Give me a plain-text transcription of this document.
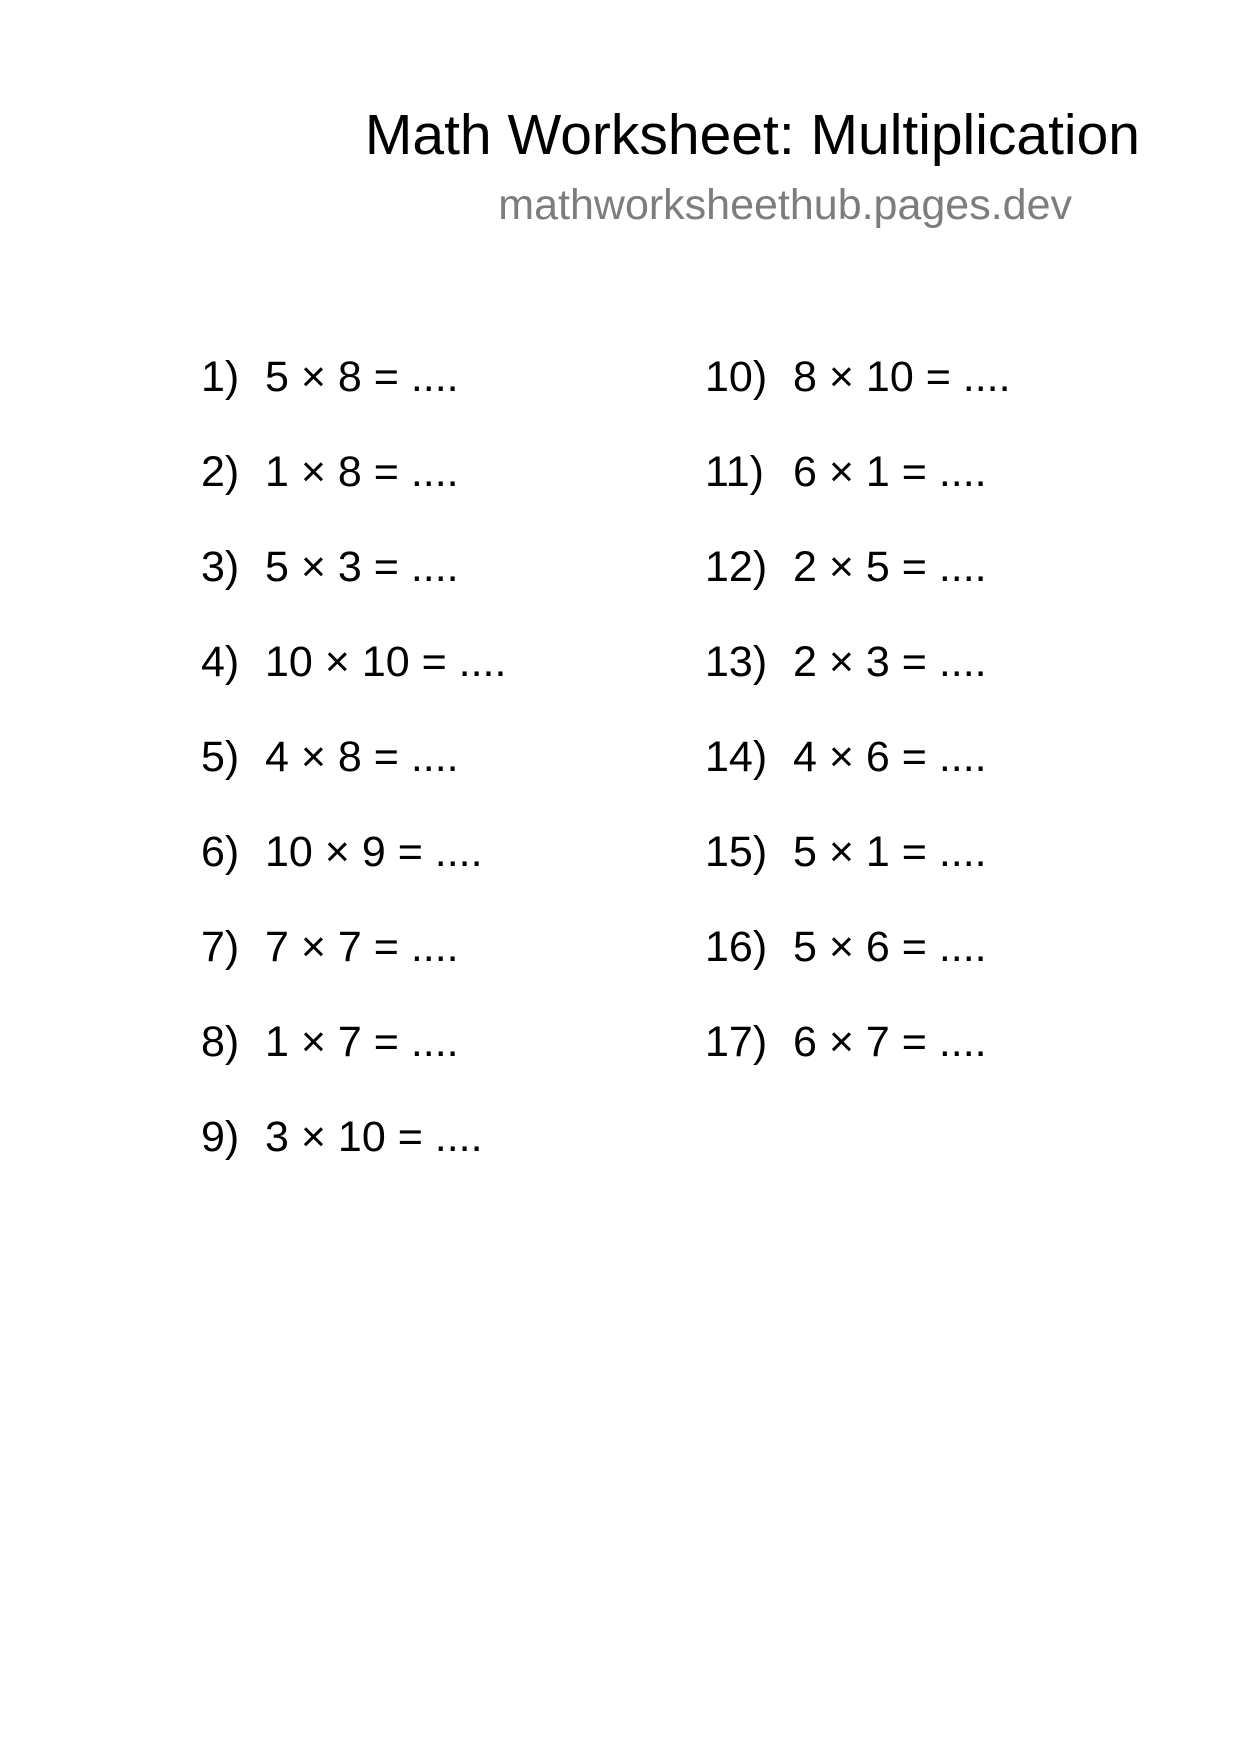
Math Worksheet: Multiplication
mathworksheethub.pages.dev
1) 5 × 8 = ....
2) 1 × 8 = ....
3) 5 × 3 = ....
4) 10 × 10 = ....
5) 4 × 8 = ....
6) 10 × 9 = ....
7) 7 × 7 = ....
8) 1 × 7 = ....
9) 3 × 10 = ....
10) 8 × 10 = ....
11) 6 × 1 = ....
12) 2 × 5 = ....
13) 2 × 3 = ....
14) 4 × 6 = ....
15) 5 × 1 = ....
16) 5 × 6 = ....
17) 6 × 7 = ....
